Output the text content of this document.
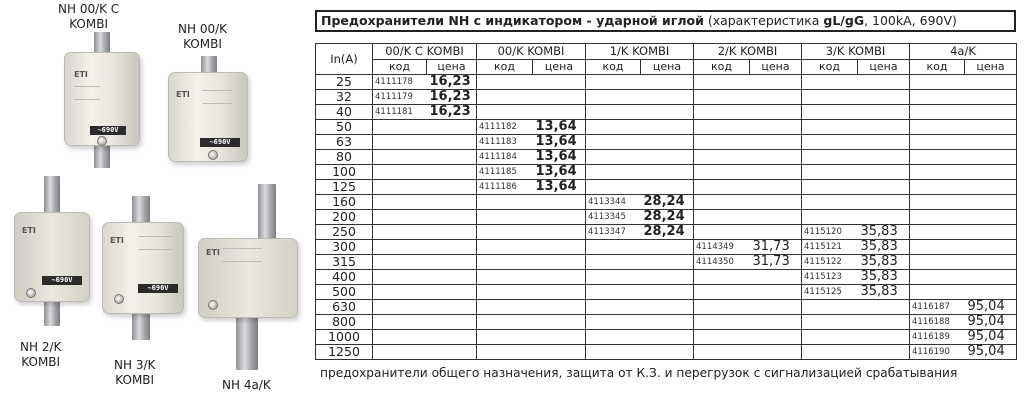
ETI
~690V
ETI
~690V
ETI
~690V
ETI
~690V
ETI
NH 00/K C
KOMBI	NH 00/K
KOMBI
NH 2/K
KOMBI	NH 3/K
KOMBI	NH 4a/K
Предохранители NH с индикатором - ударной иглой (характеристика gL/gG, 100kA, 690V)
In(A)	00/K C KOMBI		00/K KOMBI		1/K KOMBI		2/K KOMBI		3/K KOMBI		4a/K	
	код	цена	код	цена	код	цена	код	цена	код	цена	код	цена
25	4111178	16,23										
32	4111179	16,23										
40	4111181	16,23										
50			4111182	13,64								
63			4111183	13,64								
80			4111184	13,64								
100			4111185	13,64								
125			4111186	13,64								
160					4113344	28,24						
200					4113345	28,24						
250					4113347	28,24			4115120	35,83		
300							4114349	31,73	4115121	35,83		
315							4114350	31,73	4115122	35,83		
400									4115123	35,83		
500									4115125	35,83		
630											4116187	95,04
800											4116188	95,04
1000											4116189	95,04
1250											4116190	95,04
предохранители общего назначения, защита от К.З. и перегрузок с сигнализацией срабатывания
